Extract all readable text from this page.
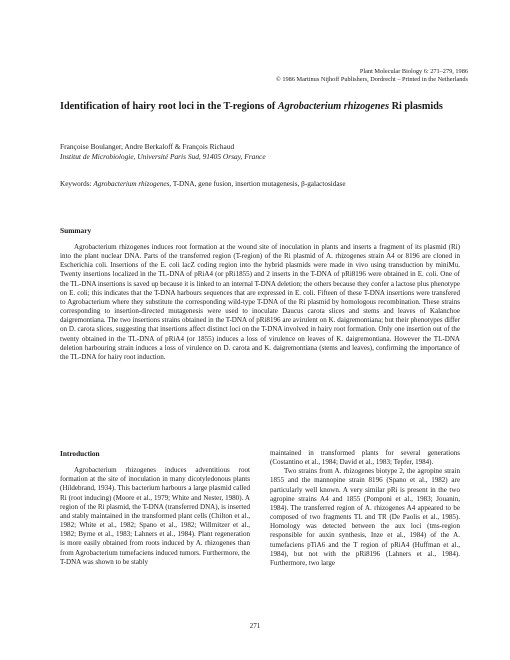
Plant Molecular Biology 6: 271–279, 1986
© 1986 Martinus Nijhoff Publishers, Dordrecht – Printed in the Netherlands
Identification of hairy root loci in the T-regions of Agrobacterium rhizogenes Ri plasmids
Françoise Boulanger, Andre Berkaloff & François Richaud
Institut de Microbiologie, Université Paris Sud, 91405 Orsay, France
Keywords: Agrobacterium rhizogenes, T-DNA, gene fusion, insertion mutagenesis, β-galactosidase
Summary

Agrobacterium rhizogenes induces root formation at the wound site of inoculation in plants and inserts a fragment of its plasmid (Ri) into the plant nuclear DNA. Parts of the transferred region (T-region) of the Ri plasmid of A. rhizogenes strain A4 or 8196 are cloned in Escherichia coli. Insertions of the E. coli lacZ coding region into the hybrid plasmids were made in vivo using transduction by miniMu. Twenty insertions localized in the TL-DNA of pRiA4 (or pRi1855) and 2 inserts in the T-DNA of pRi8196 were obtained in E. coli. One of the TL-DNA insertions is saved up because it is linked to an internal T-DNA deletion; the others because they confer a lactose plus phenotype on E. coli; this indicates that the T-DNA harbours sequences that are expressed in E. coli. Fifteen of these T-DNA insertions were transfered to Agrobacterium where they substitute the corresponding wild-type T-DNA of the Ri plasmid by homologous recombination. These strains corresponding to insertion-directed mutagenesis were used to inoculate Daucus carota slices and stems and leaves of Kalanchoe daigremontiana. The two insertions strains obtained in the T-DNA of pRi8196 are avirulent on K. daigremontiana; but their phenotypes differ on D. carota slices, suggesting that insertions affect distinct loci on the T-DNA involved in hairy root formation. Only one insertion out of the twenty obtained in the TL-DNA of pRiA4 (or 1855) induces a loss of virulence on leaves of K. daigremontiana. However the TL-DNA deletion harbouring strain induces a loss of virulence on D. carota and K. daigremontiana (stems and leaves), confirming the importance of the TL-DNA for hairy root induction.

Introduction

Agrobacterium rhizogenes induces adventitious root formation at the site of inoculation in many dicotyledonous plants (Hildebrand, 1934). This bacterium harbours a large plasmid called Ri (root inducing) (Moore et al., 1979; White and Nester, 1980). A region of the Ri plasmid, the T-DNA (transferred DNA), is inserted and stably maintained in the transformed plant cells (Chilton et al., 1982; White et al., 1982; Spano et al., 1982; Willmitzer et al., 1982; Byrne et al., 1983; Lahners et al., 1984). Plant regeneration is more easily obtained from roots induced by A. rhizogenes than from Agrobacterium tumefaciens induced tumors. Furthermore, the T-DNA was shown to be stably

maintained in transformed plants for several generations (Costantino et al., 1984; David et al., 1983; Tepfer, 1984).

Two strains from A. rhizogenes biotype 2, the agropine strain 1855 and the mannopine strain 8196 (Spano et al., 1982) are particularly well known. A very similar pRi is present in the two agropine strains A4 and 1855 (Pomponi et al., 1983; Jouanin, 1984). The transferred region of A. rhizogenes A4 appeared to be composed of two fragments TL and TR (De Paolis et al., 1985). Homology was detected between the aux loci (tms-region responsible for auxin synthesis, Inze et al., 1984) of the A. tumefaciens pTiA6 and the T region of pRiA4 (Huffman et al., 1984), but not with the pRi8196 (Lahners et al., 1984). Furthermore, two large

271
